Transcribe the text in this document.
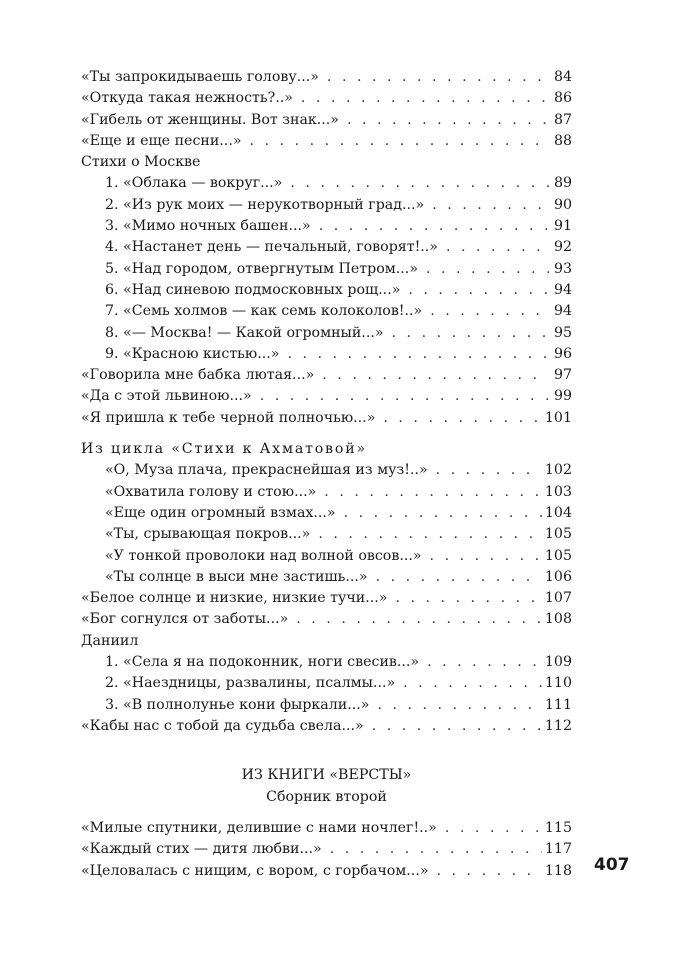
«Ты запрокидываешь голову...» . . .	84
«Откуда такая нежность?..» . . .	86
«Гибель от женщины. Вот знак...» . . .	87
«Еще и еще песни...» . . .	88
Стихи о Москве
1. «Облака — вокруг...» . . .	89
2. «Из рук моих — нерукотворный град...» . . .	90
3. «Мимо ночных башен...» . . .	91
4. «Настанет день — печальный, говорят!..» . . .	92
5. «Над городом, отвергнутым Петром...» . . .	93
6. «Над синевою подмосковных рощ...» . . .	94
7. «Семь холмов — как семь колоколов!..» . . .	94
8. «— Москва! — Какой огромный...» . . .	95
9. «Красною кистью...» . . .	96
«Говорила мне бабка лютая...» . . .	97
«Да с этой львиною...» . . .	99
«Я пришла к тебе черной полночью...» . . .	101
Из цикла «Стихи к Ахматовой»
«О, Муза плача, прекраснейшая из муз!..» . . .	102
«Охватила голову и стою...» . . .	103
«Еще один огромный взмах...» . . .	104
«Ты, срывающая покров...» . . .	105
«У тонкой проволоки над волной овсов...» . . .	105
«Ты солнце в выси мне застишь...» . . .	106
«Белое солнце и низкие, низкие тучи...» . . .	107
«Бог согнулся от заботы...» . . .	108
Даниил
1. «Села я на подоконник, ноги свесив...» . . .	109
2. «Наездницы, развалины, псалмы...» . . .	110
3. «В полнолунье кони фыркали...» . . .	111
«Кабы нас с тобой да судьба свела...» . . .	112
ИЗ КНИГИ «ВЕРСТЫ»
Сборник второй
«Милые спутники, делившие с нами ночлег!..» . . .	115
«Каждый стих — дитя любви...» . . .	117
«Целовалась с нищим, с вором, с горбачом...» . . .	118 407
